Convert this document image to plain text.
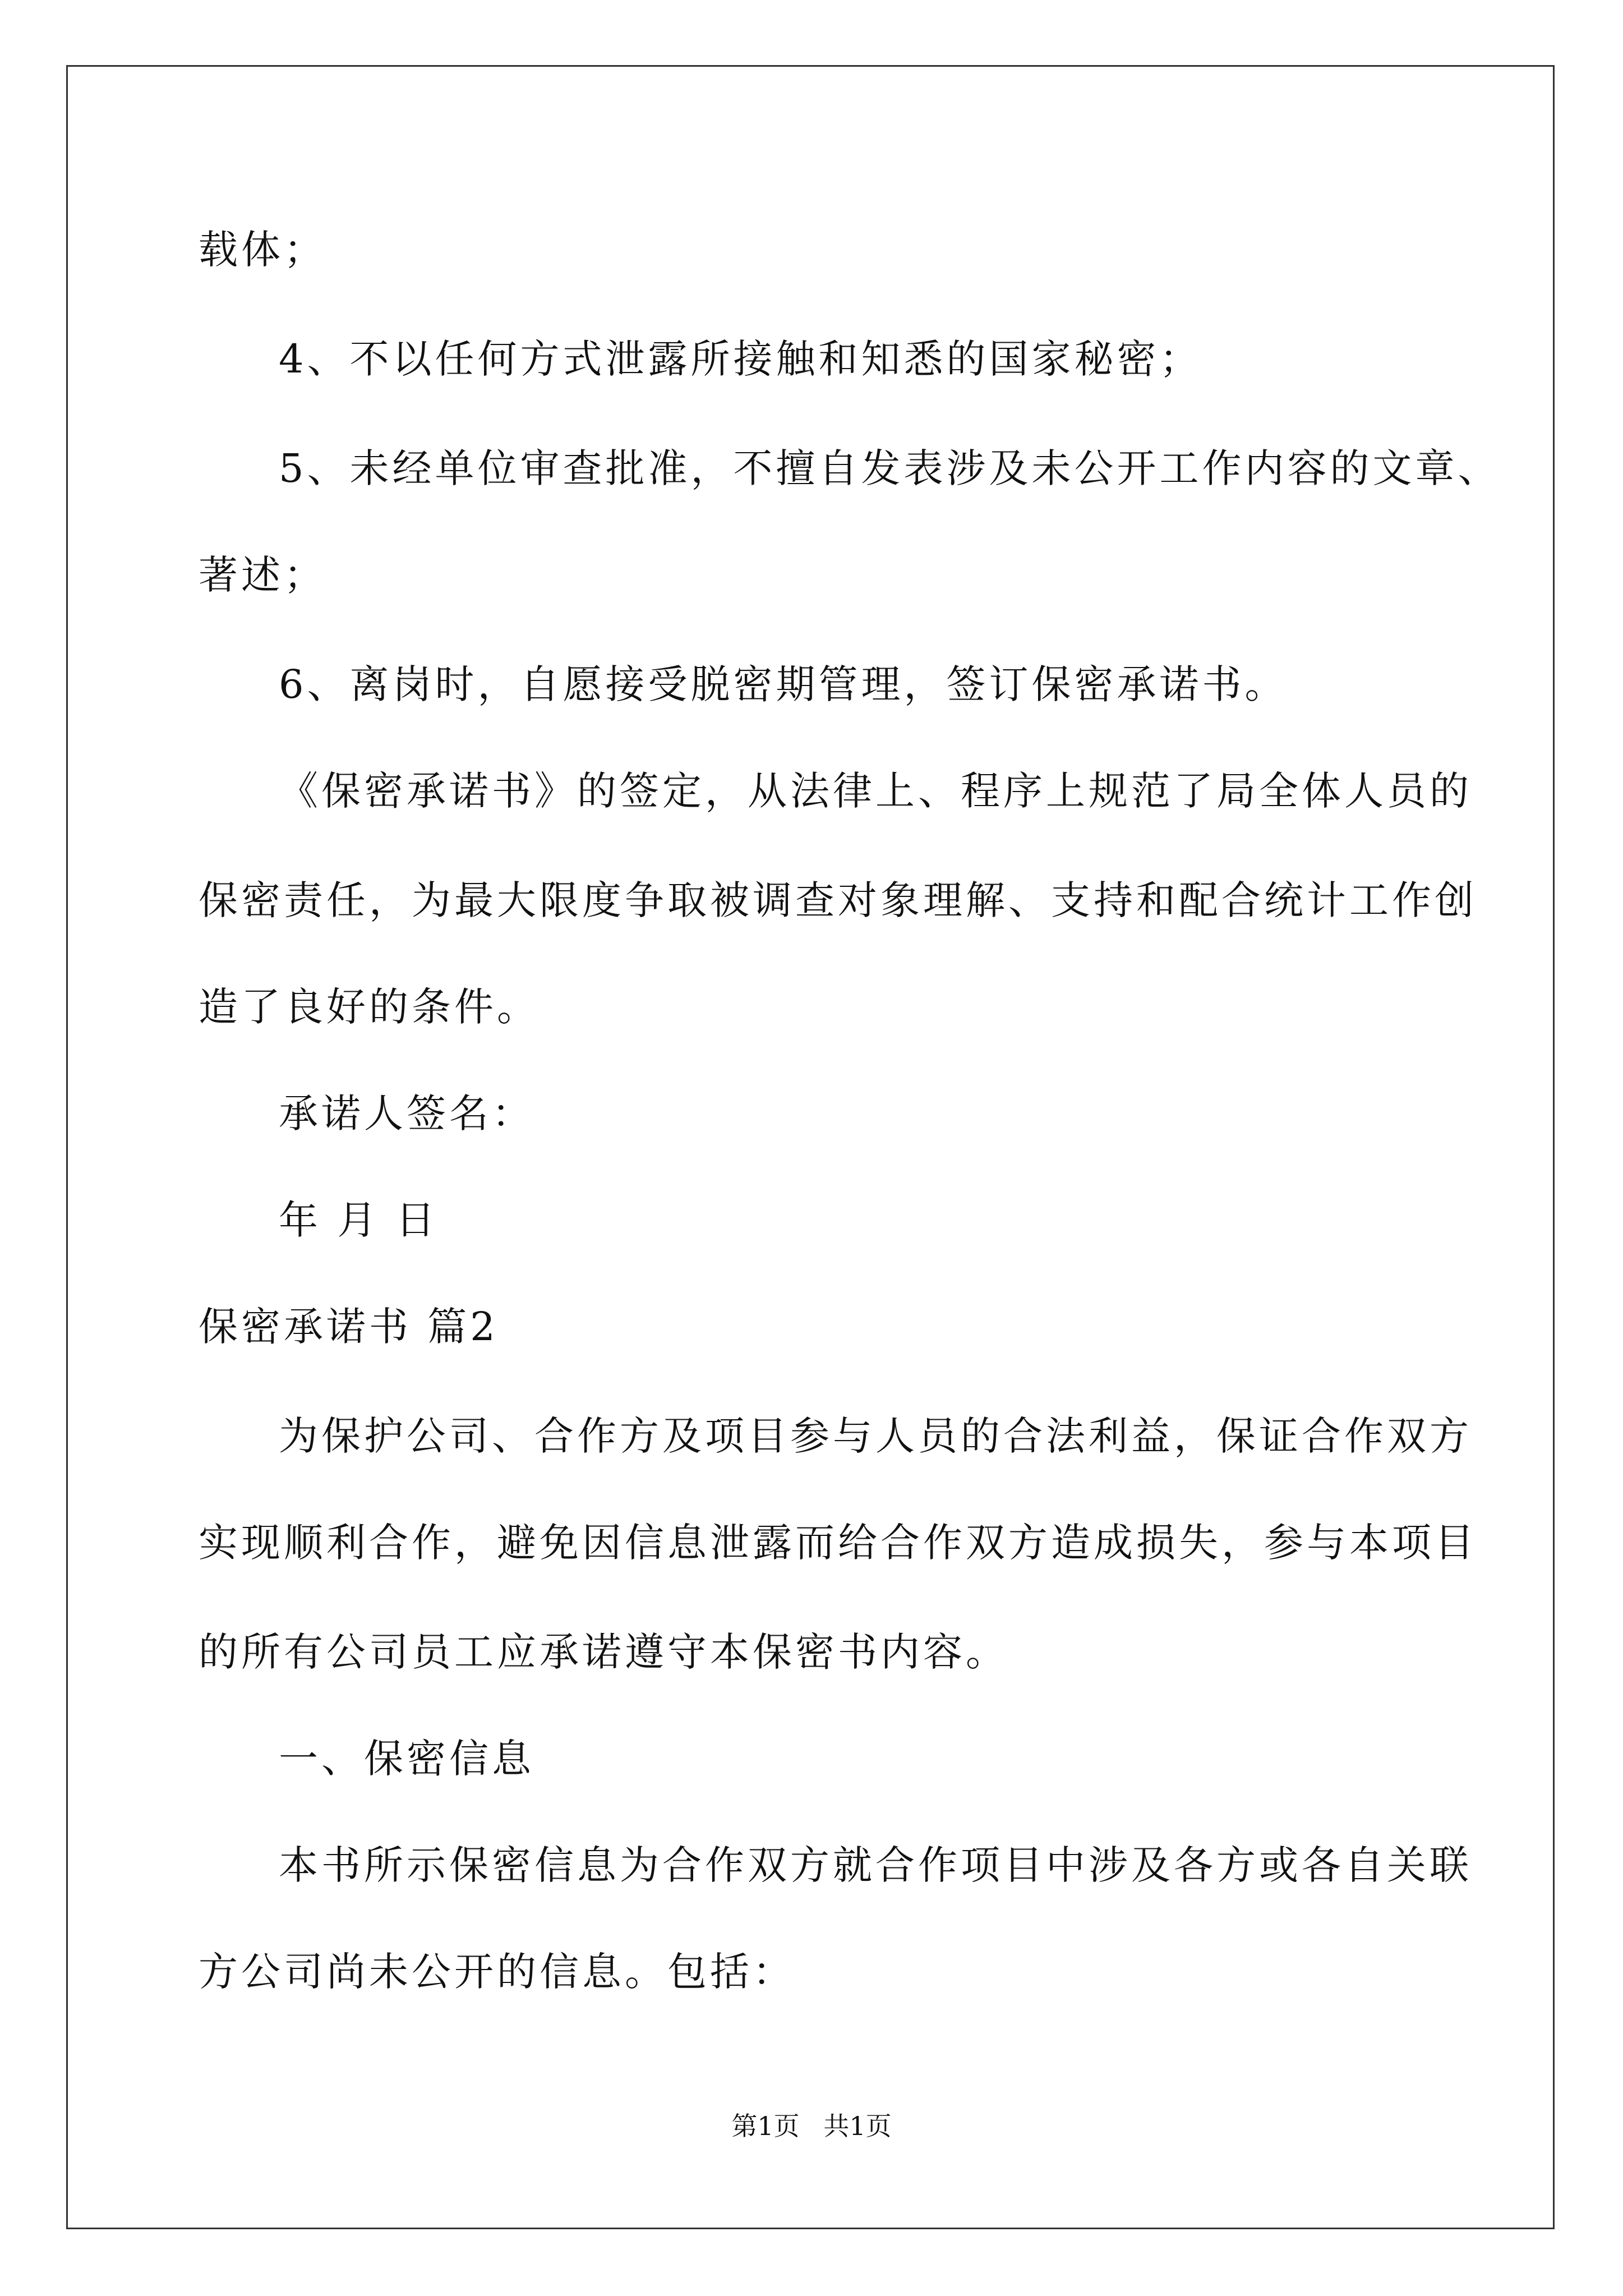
载体；
4、不以任何方式泄露所接触和知悉的国家秘密；
5、未经单位审查批准，不擅自发表涉及未公开工作内容的文章、
著述；
6、离岗时，自愿接受脱密期管理，签订保密承诺书。
《保密承诺书》的签定，从法律上、程序上规范了局全体人员的
保密责任，为最大限度争取被调查对象理解、支持和配合统计工作创
造了良好的条件。
承诺人签名：
年 月 日
保密承诺书 篇2
为保护公司、合作方及项目参与人员的合法利益，保证合作双方
实现顺利合作，避免因信息泄露而给合作双方造成损失，参与本项目
的所有公司员工应承诺遵守本保密书内容。
一、保密信息
本书所示保密信息为合作双方就合作项目中涉及各方或各自关联
方公司尚未公开的信息。包括：
第1页 共1页
